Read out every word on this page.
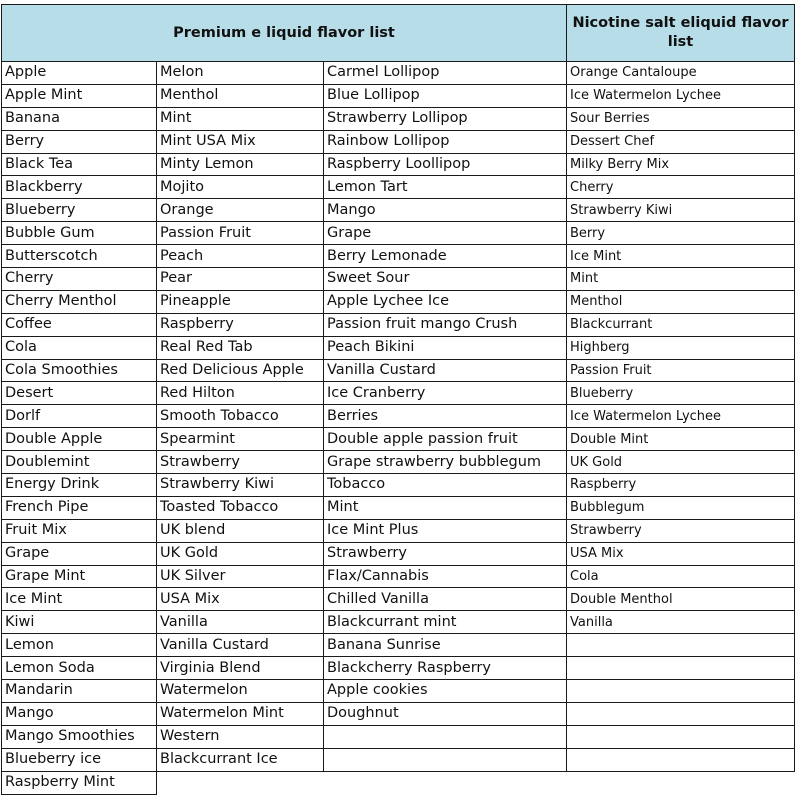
Premium e liquid flavor list			Nicotine salt eliquid flavor list
Apple	Melon	Carmel Lollipop	Orange Cantaloupe
Apple Mint	Menthol	Blue Lollipop	Ice Watermelon Lychee
Banana	Mint	Strawberry Lollipop	Sour Berries
Berry	Mint USA Mix	Rainbow Lollipop	Dessert Chef
Black Tea	Minty Lemon	Raspberry Loollipop	Milky Berry Mix
Blackberry	Mojito	Lemon Tart	Cherry
Blueberry	Orange	Mango	Strawberry Kiwi
Bubble Gum	Passion Fruit	Grape	Berry
Butterscotch	Peach	Berry Lemonade	Ice Mint
Cherry	Pear	Sweet Sour	Mint
Cherry Menthol	Pineapple	Apple Lychee Ice	Menthol
Coffee	Raspberry	Passion fruit mango Crush	Blackcurrant
Cola	Real Red Tab	Peach Bikini	Highberg
Cola Smoothies	Red Delicious Apple	Vanilla Custard	Passion Fruit
Desert	Red Hilton	Ice Cranberry	Blueberry
Dorlf	Smooth Tobacco	Berries	Ice Watermelon Lychee
Double Apple	Spearmint	Double apple passion fruit	Double Mint
Doublemint	Strawberry	Grape strawberry bubblegum	UK Gold
Energy Drink	Strawberry Kiwi	Tobacco	Raspberry
French Pipe	Toasted Tobacco	Mint	Bubblegum
Fruit Mix	UK blend	Ice Mint Plus	Strawberry
Grape	UK Gold	Strawberry	USA Mix
Grape Mint	UK Silver	Flax/Cannabis	Cola
Ice Mint	USA Mix	Chilled Vanilla	Double Menthol
Kiwi	Vanilla	Blackcurrant mint	Vanilla
Lemon	Vanilla Custard	Banana Sunrise	
Lemon Soda	Virginia Blend	Blackcherry Raspberry	
Mandarin	Watermelon	Apple cookies	
Mango	Watermelon Mint	Doughnut	
Mango Smoothies	Western		
Blueberry ice	Blackcurrant Ice		
Raspberry Mint			
